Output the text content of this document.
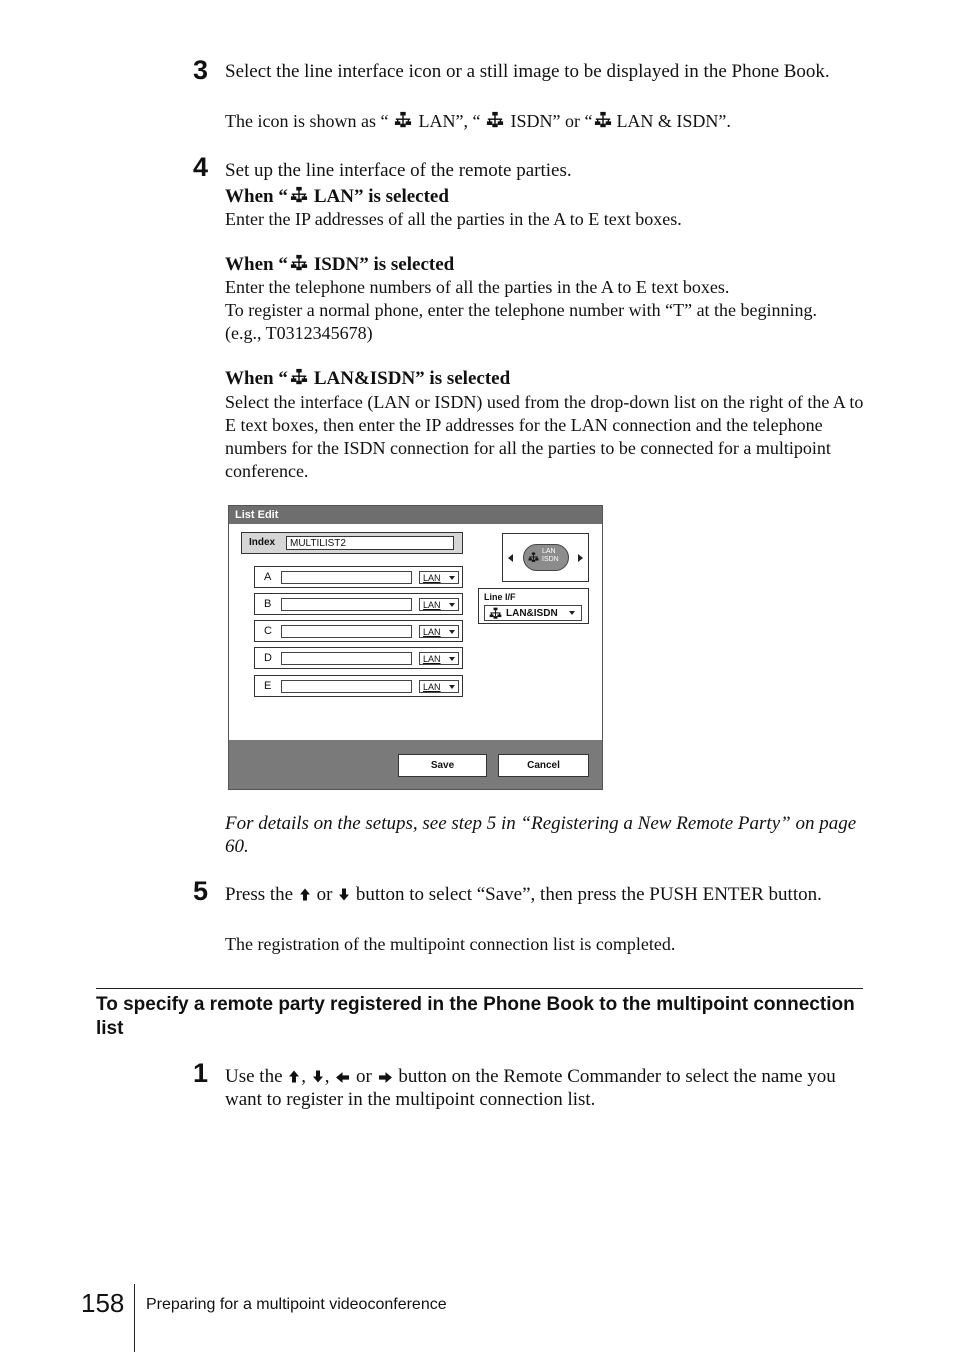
3 Select the line interface icon or a still image to be displayed in the Phone Book.
The icon is shown as “ LAN”, “ ISDN” or “ LAN & ISDN”.
4 Set up the line interface of the remote parties.
When “ LAN” is selected
Enter the IP addresses of all the parties in the A to E text boxes.
When “ ISDN” is selected
Enter the telephone numbers of all the parties in the A to E text boxes.
To register a normal phone, enter the telephone number with “T” at the beginning. (e.g., T0312345678)
When “ LAN&ISDN” is selected
Select the interface (LAN or ISDN) used from the drop-down list on the right of the A to E text boxes, then enter the IP addresses for the LAN connection and the telephone numbers for the ISDN connection for all the parties to be connected for a multipoint conference.
List Edit
Index	MULTILIST2
A	LAN
B	LAN
C	LAN
D	LAN
E	LAN
LAN
ISDN
Line I/F
LAN&ISDN
Save	Cancel
For details on the setups, see step 5 in “Registering a New Remote Party” on page 60.
5 Press the or button to select “Save”, then press the PUSH ENTER button.
The registration of the multipoint connection list is completed.
To specify a remote party registered in the Phone Book to the multipoint connection list
1 Use the , , or button on the Remote Commander to select the name you want to register in the multipoint connection list.
158 Preparing for a multipoint videoconference
